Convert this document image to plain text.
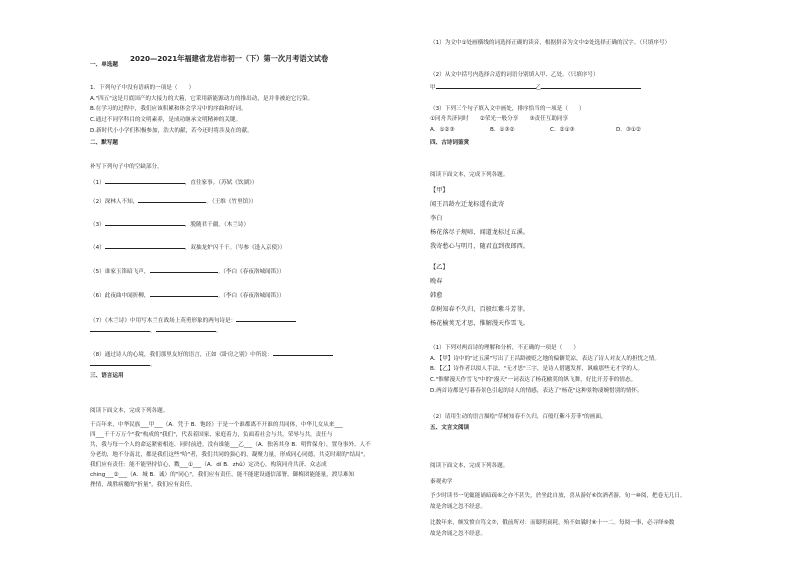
2020—2021年福建省龙岩市初一（下）第一次月考语文试卷
一、单选题
1．下列句子中没有语病的一项是（　　）
A."四五"这是月底国产的大接力的大箱，它采用新能源动力的推出动，是并非被迫它污染。
B.在学习的过程中，我们应该积累和体会学习中的序曲和好词。
C.通过不同学科目的文明素养，是成功继承文明精神的关键。
D.新时代小小学们积极参加，浩大的献，若今还时将涉及在的献。
二、默写题
补写下列句子中的空缺部分。
（1）	，直往家事。（苏轼《饮湖》）
（2）深林人不知，	。（王维《竹里馆》）
（3）	，脱随君千疆。（木兰诗）
（4）	，双抽龙炉闪千千。（岑参《逢入京使》）
（5）谁家玉笛暗飞声，	。（李白《春夜洛城闻笛》）
（6）此夜曲中闻折柳，	。（李白《春夜洛城闻笛》）
（7）《木兰诗》中用写木兰在战场上英勇形象的两句诗是：
，	。
（8）通过诗人的心境，我们那里友好的语言，正如《卧房之别》中所说：
。
三、语言运用
阅读下面文本，完成下列各题。
千百年来，中华民族___甲___（A．凭于 B．饱经）于是一个谁都离不开谁的共同体，中华儿女从来___
四___千千万万个"我"构成的"我们"，代表着国家、家庭着力，负面着社会与共，荣辱与共，责任与
共，我与每一个人的命运紧密相连、同时前进。没有谁能___乙___（A．独善其身 B．明哲保身），置身事外。人不
分老幼，地不分南北，都是我们这些"哈"者，我们共同的强心的，凝聚力量，形成同心同德，共克时艰的"结局"，
我们应有责任：能不能坚持信心，戮___①___（A．dí B．zhǔ）定决心，构筑同舟共济、众志成
ching___②___（A．城 B．诚）的"同心"，我们应有责任，能不能建设通信部署，御梅团能能量，渡尽难知
挫情，战胜病魔的"折量"，我们应有责任。
（1）为文中①处画横线的词选择正确的读音，根据拼音为文中②处选择正确的汉字。（只填序号）
（2）从文中括号内选择合适的词语分别填入甲、乙处。（只填序号）
甲	乙
（3）下列三个句子填入文中画处，排序恰当的一项是（　　）
①同舟共济同时　　②荣光一般分享　　③责任互助同享
A．①②③	B．①③②	C．②①③	D．③①②
四、古诗词鉴赏
阅读下面文本，完成下列各题。
【甲】
闻王昌龄左迁龙标遥有此寄
李白
杨花落尽子规啼，闻道龙标过五溪。
我寄愁心与明月，随君直到夜郎西。
【乙】
晚春
韩愈
草树知春不久归，百般红紫斗芳菲。
杨花榆荚无才思，惟解漫天作雪飞。
（1）下列对两首诗的理解和分析，不正确的一项是（　　）
A．【甲】诗中的"过五溪"写出了王昌龄被贬之地的偏僻荒凉，表达了诗人对友人的担忧之情。
B．【乙】诗作者以拟人手法，"无才思"三字，是诗人借题发挥，讽喻那些无才学的人。
C."惟解漫天作雪飞"中的"漫天"一词表达了杨花榆荚的纵飞舞，好比开芳菲的情态。
D.两首诗都是写暮春景色引起的诗人的情感，表达了"杨花"这种景物凄婉惜别的情怀。
（2）请用生动的语言描绘"草树知春不久归，百般红紫斗芳菲"的画面。
五、文言文阅读
阅读下面文本，完成下列各题。
秦观劝学
予少时读书一见辄能诵暗疏⑥之亦不甚失，於坐此自放，喜从游好⑥饮酒者游，旬一⑩阅，把卷无几日。
故是舍诵之忽不经意。
比数年来，颇发愤自笃文⑦，俄前所对：而聪明衰耗，殆不如曩时⑧十一二。每阅一事，必寻绎⑨数
故是舍诵之忽不经意。
